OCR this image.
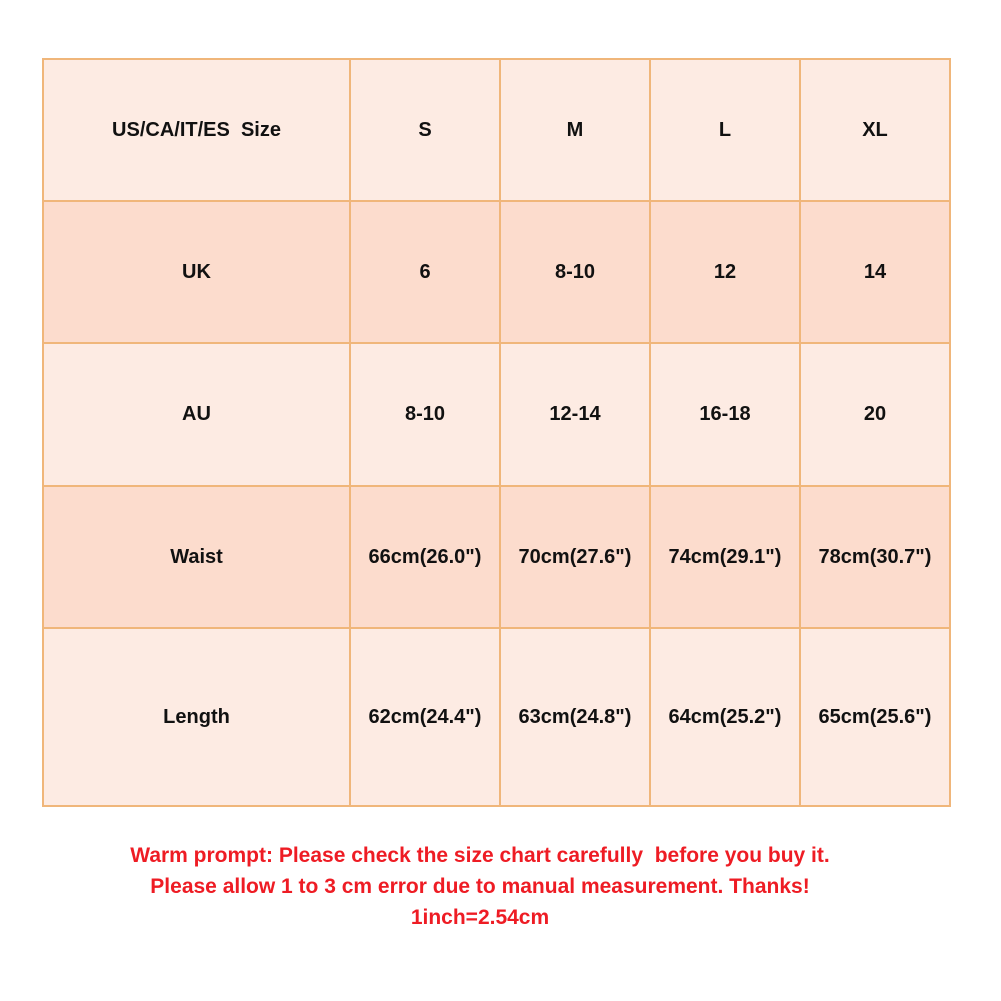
US/CA/IT/ES  Size	S	M	L	XL
UK	6	8-10	12	14
AU	8-10	12-14	16-18	20
Waist	66cm(26.0")	70cm(27.6")	74cm(29.1")	78cm(30.7")
Length	62cm(24.4")	63cm(24.8")	64cm(25.2")	65cm(25.6")
Warm prompt: Please check the size chart carefully  before you buy it.
Please allow 1 to 3 cm error due to manual measurement. Thanks!
1inch=2.54cm
